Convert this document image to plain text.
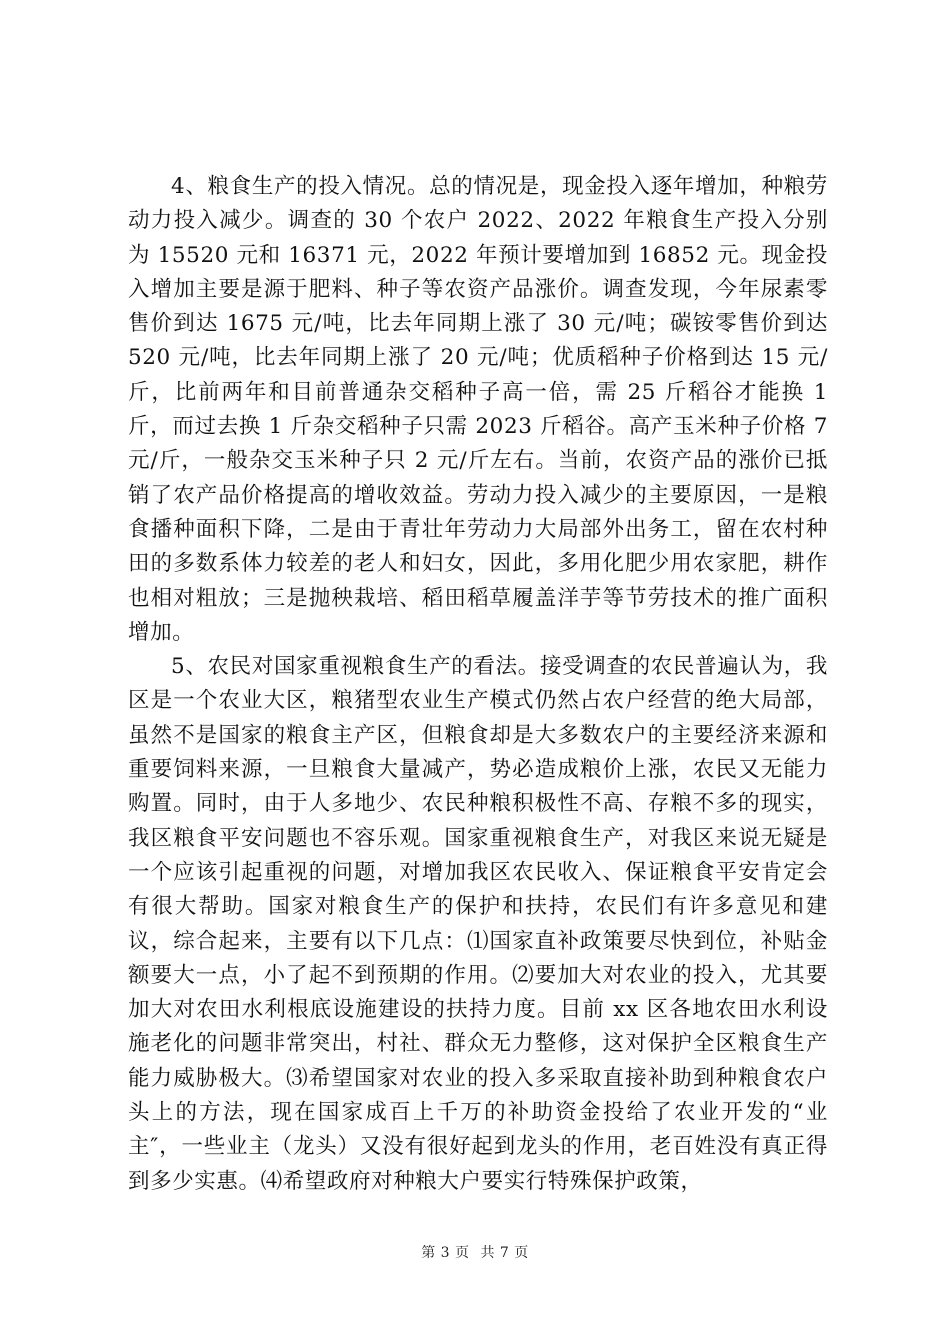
4、粮食生产的投入情况。总的情况是，现金投入逐年增加，种粮劳动力投入减少。调查的 30 个农户 2022、2022 年粮食生产投入分别为 15520 元和 16371 元，2022 年预计要增加到 16852 元。现金投入增加主要是源于肥料、种子等农资产品涨价。调查发现，今年尿素零售价到达 1675 元/吨，比去年同期上涨了 30 元/吨；碳铵零售价到达 520 元/吨，比去年同期上涨了 20 元/吨；优质稻种子价格到达 15 元/斤，比前两年和目前普通杂交稻种子高一倍，需 25 斤稻谷才能换 1 斤，而过去换 1 斤杂交稻种子只需 2023 斤稻谷。高产玉米种子价格 7 元/斤，一般杂交玉米种子只 2 元/斤左右。当前，农资产品的涨价已抵销了农产品价格提高的增收效益。劳动力投入减少的主要原因，一是粮食播种面积下降，二是由于青壮年劳动力大局部外出务工，留在农村种田的多数系体力较差的老人和妇女，因此，多用化肥少用农家肥，耕作也相对粗放；三是抛秧栽培、稻田稻草履盖洋芋等节劳技术的推广面积增加。

5、农民对国家重视粮食生产的看法。接受调查的农民普遍认为，我区是一个农业大区，粮猪型农业生产模式仍然占农户经营的绝大局部，虽然不是国家的粮食主产区，但粮食却是大多数农户的主要经济来源和重要饲料来源，一旦粮食大量减产，势必造成粮价上涨，农民又无能力购置。同时，由于人多地少、农民种粮积极性不高、存粮不多的现实，我区粮食平安问题也不容乐观。国家重视粮食生产，对我区来说无疑是一个应该引起重视的问题，对增加我区农民收入、保证粮食平安肯定会有很大帮助。国家对粮食生产的保护和扶持，农民们有许多意见和建议，综合起来，主要有以下几点：⑴国家直补政策要尽快到位，补贴金额要大一点，小了起不到预期的作用。⑵要加大对农业的投入，尤其要加大对农田水利根底设施建设的扶持力度。目前 xx 区各地农田水利设施老化的问题非常突出，村社、群众无力整修，这对保护全区粮食生产能力威胁极大。⑶希望国家对农业的投入多采取直接补助到种粮食农户头上的方法，现在国家成百上千万的补助资金投给了农业开发的“业主″，一些业主（龙头）又没有很好起到龙头的作用，老百姓没有真正得到多少实惠。⑷希望政府对种粮大户要实行特殊保护政策，

第 3 页 共 7 页
